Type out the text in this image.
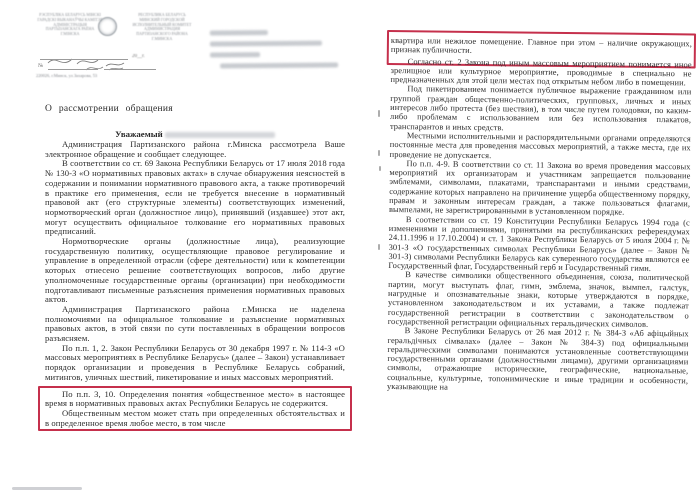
РЭСПУБЛІКА БЕЛАРУСЬ МІНСКІ ГАРАДСКІ ВЫКАНАЎЧЫ КАМІТЭТ АДМІНІСТРАЦЫЯ ПАРТЫЗАНСКАГА РАЁНА Г.МІНСКА
РЕСПУБЛИКА БЕЛАРУСЬ МИНСКИЙ ГОРОДСКОЙ ИСПОЛНИТЕЛЬНЫЙ КОМИТЕТ АДМИНИСТРАЦИЯ ПАРТИЗАНСКОГО РАЙОНА Г.МИНСКА
20__г.
№
220026, г.Минск, ул.Захарова, 53
О рассмотрении обращения

Уважаемый

Администрация Партизанского района г.Минска рассмотрела Ваше электронное обращение и сообщает следующее.

В соответствии со ст. 69 Закона Республики Беларусь от 17 июля 2018 года № 130-З «О нормативных правовых актах» в случае обнаружения неясностей в содержании и понимании нормативного правового акта, а также противоречий в практике его применения, если не требуется внесение в нормативный правовой акт (его структурные элементы) соответствующих изменений, нормотворческий орган (должностное лицо), принявший (издавшее) этот акт, могут осуществить официальное толкование его нормативных правовых предписаний.

Нормотворческие органы (должностные лица), реализующие государственную политику, осуществляющие правовое регулирование и управление в определенной отрасли (сфере деятельности) или к компетенции которых отнесено решение соответствующих вопросов, либо другие уполномоченные государственные органы (организации) при необходимости подготавливают письменные разъяснения применения нормативных правовых актов.

Администрация Партизанского района г.Минска не наделена полномочиями на официальное толкование и разъяснение нормативных правовых актов, в этой связи по сути поставленных в обращении вопросов разъясняем.

По п.п. 1, 2. Закон Республики Беларусь от 30 декабря 1997 г. № 114-З «О массовых мероприятиях в Республике Беларусь» (далее – Закон) устанавливает порядок организации и проведения в Республике Беларусь собраний, митингов, уличных шествий, пикетирование и иных массовых мероприятий.

По п.п. 3, 10. Определения понятия «общественное место» в настоящее время в нормативных правовых актах Республики Беларусь не содержится.

Общественным местом может стать при определенных обстоятельствах и в определенное время любое место, в том числе

квартира или нежилое помещение. Главное при этом – наличие окружающих, признак публичности.

Согласно ст. 2 Закона под иным массовым мероприятием понимается иное зрелищное или культурное мероприятие, проводимые в специально не предназначенных для этой цели местах под открытым небом либо в помещении.

Под пикетированием понимается публичное выражение гражданином или группой граждан общественно-политических, групповых, личных и иных интересов либо протеста (без шествия), в том числе путем голодовки, по каким-либо проблемам с использованием или без использования плакатов, транспарантов и иных средств.

Местными исполнительными и распорядительными органами определяются постоянные места для проведения массовых мероприятий, а также места, где их проведение не допускается.

По п.п. 4-9. В соответствии со ст. 11 Закона во время проведения массовых мероприятий их организаторам и участникам запрещается пользование эмблемами, символами, плакатами, транспарантами и иными средствами, содержание которых направлено на причинение ущерба общественному порядку, правам и законным интересам граждан, а также пользоваться флагами, вымпелами, не зарегистрированными в установленном порядке.

В соответствии со ст. 19 Конституции Республики Беларусь 1994 года (с изменениями и дополнениями, принятыми на республиканских референдумах 24.11.1996 и 17.10.2004) и ст. 1 Закона Республики Беларусь от 5 июля 2004 г. № 301-З «О государственных символах Республики Беларусь» (далее – Закон № 301-З) символами Республики Беларусь как суверенного государства являются ее Государственный флаг, Государственный герб и Государственный гимн.

В качестве символики общественного объединения, союза, политической партии, могут выступать флаг, гимн, эмблема, значок, вымпел, галстук, нагрудные и опознавательные знаки, которые утверждаются в порядке, установленном законодательством и их уставами, а также подлежат государственной регистрации в соответствии с законодательством о государственной регистрации официальных геральдических символов.

В Законе Республики Беларусь от 26 мая 2012 г. № 384-З «Аб афіцыйных геральдічных сімвалах» (далее – Закон № 384-З) под официальными геральдическими символами понимаются установленные соответствующими государственными органами (должностными лицами), другими организациями символы, отражающие исторические, географические, национальные, социальные, культурные, топонимические и иные традиции и особенности, указывающие на
